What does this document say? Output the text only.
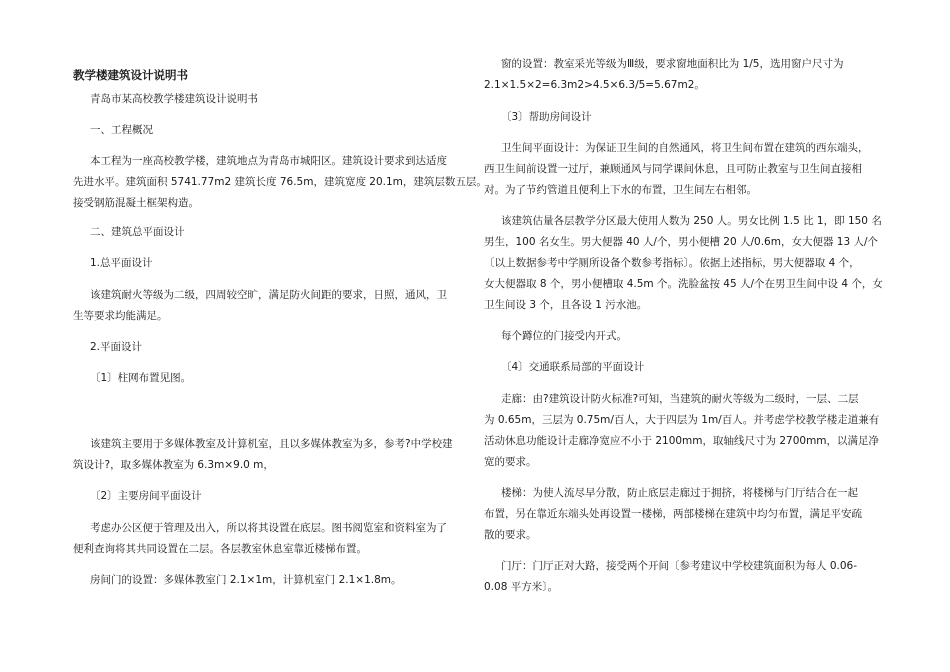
教学楼建筑设计说明书

青岛市某高校教学楼建筑设计说明书

一、工程概况

本工程为一座高校教学楼，建筑地点为青岛市城阳区。建筑设计要求到达适度

先进水平。建筑面积 5741.77m2 建筑长度 76.5m，建筑宽度 20.1m，建筑层数五层。

接受钢筋混凝土框架构造。

二、建筑总平面设计

1.总平面设计

该建筑耐火等级为二级，四周较空旷，满足防火间距的要求，日照，通风，卫

生等要求均能满足。

2.平面设计

〔1〕柱网布置见图。

该建筑主要用于多媒体教室及计算机室，且以多媒体教室为多，参考?中学校建

筑设计?，取多媒体教室为 6.3m×9.0 m，

〔2〕主要房间平面设计

考虑办公区便于管理及出入，所以将其设置在底层。图书阅览室和资料室为了

便利查询将其共同设置在二层。各层教室休息室靠近楼梯布置。

房间门的设置：多媒体教室门 2.1×1m，计算机室门 2.1×1.8m。

窗的设置：教室采光等级为Ⅲ级，要求窗地面积比为 1/5，选用窗户尺寸为

2.1×1.5×2=6.3m2>4.5×6.3/5=5.67m2。

〔3〕帮助房间设计

卫生间平面设计：为保证卫生间的自然通风，将卫生间布置在建筑的西东端头，

西卫生间前设置一过厅，兼顾通风与同学课间休息，且可防止教室与卫生间直接相

对。为了节约管道且便利上下水的布置，卫生间左右相邻。

该建筑估量各层教学分区最大使用人数为 250 人。男女比例 1.5 比 1，即 150 名

男生，100 名女生。男大便器 40 人/个，男小便槽 20 人/0.6m，女大便器 13 人/个

〔以上数据参考中学厕所设备个数参考指标〕。依据上述指标，男大便器取 4 个，

女大便器取 8 个，男小便槽取 4.5m 个。洗脸盆按 45 人/个在男卫生间中设 4 个，女

卫生间设 3 个，且各设 1 污水池。

每个蹲位的门接受内开式。

〔4〕交通联系局部的平面设计

走廊：由?建筑设计防火标准?可知，当建筑的耐火等级为二级时，一层、二层

为 0.65m，三层为 0.75m/百人，大于四层为 1m/百人。并考虑学校教学楼走道兼有

活动休息功能设计走廊净宽应不小于 2100mm，取轴线尺寸为 2700mm，以满足净

宽的要求。

楼梯：为使人流尽早分散，防止底层走廊过于拥挤，将楼梯与门厅结合在一起

布置，另在靠近东端头处再设置一楼梯，两部楼梯在建筑中均匀布置，满足平安疏

散的要求。

门厅：门厅正对大路，接受两个开间〔参考建议中学校建筑面积为每人 0.06-

0.08 平方米〕。
